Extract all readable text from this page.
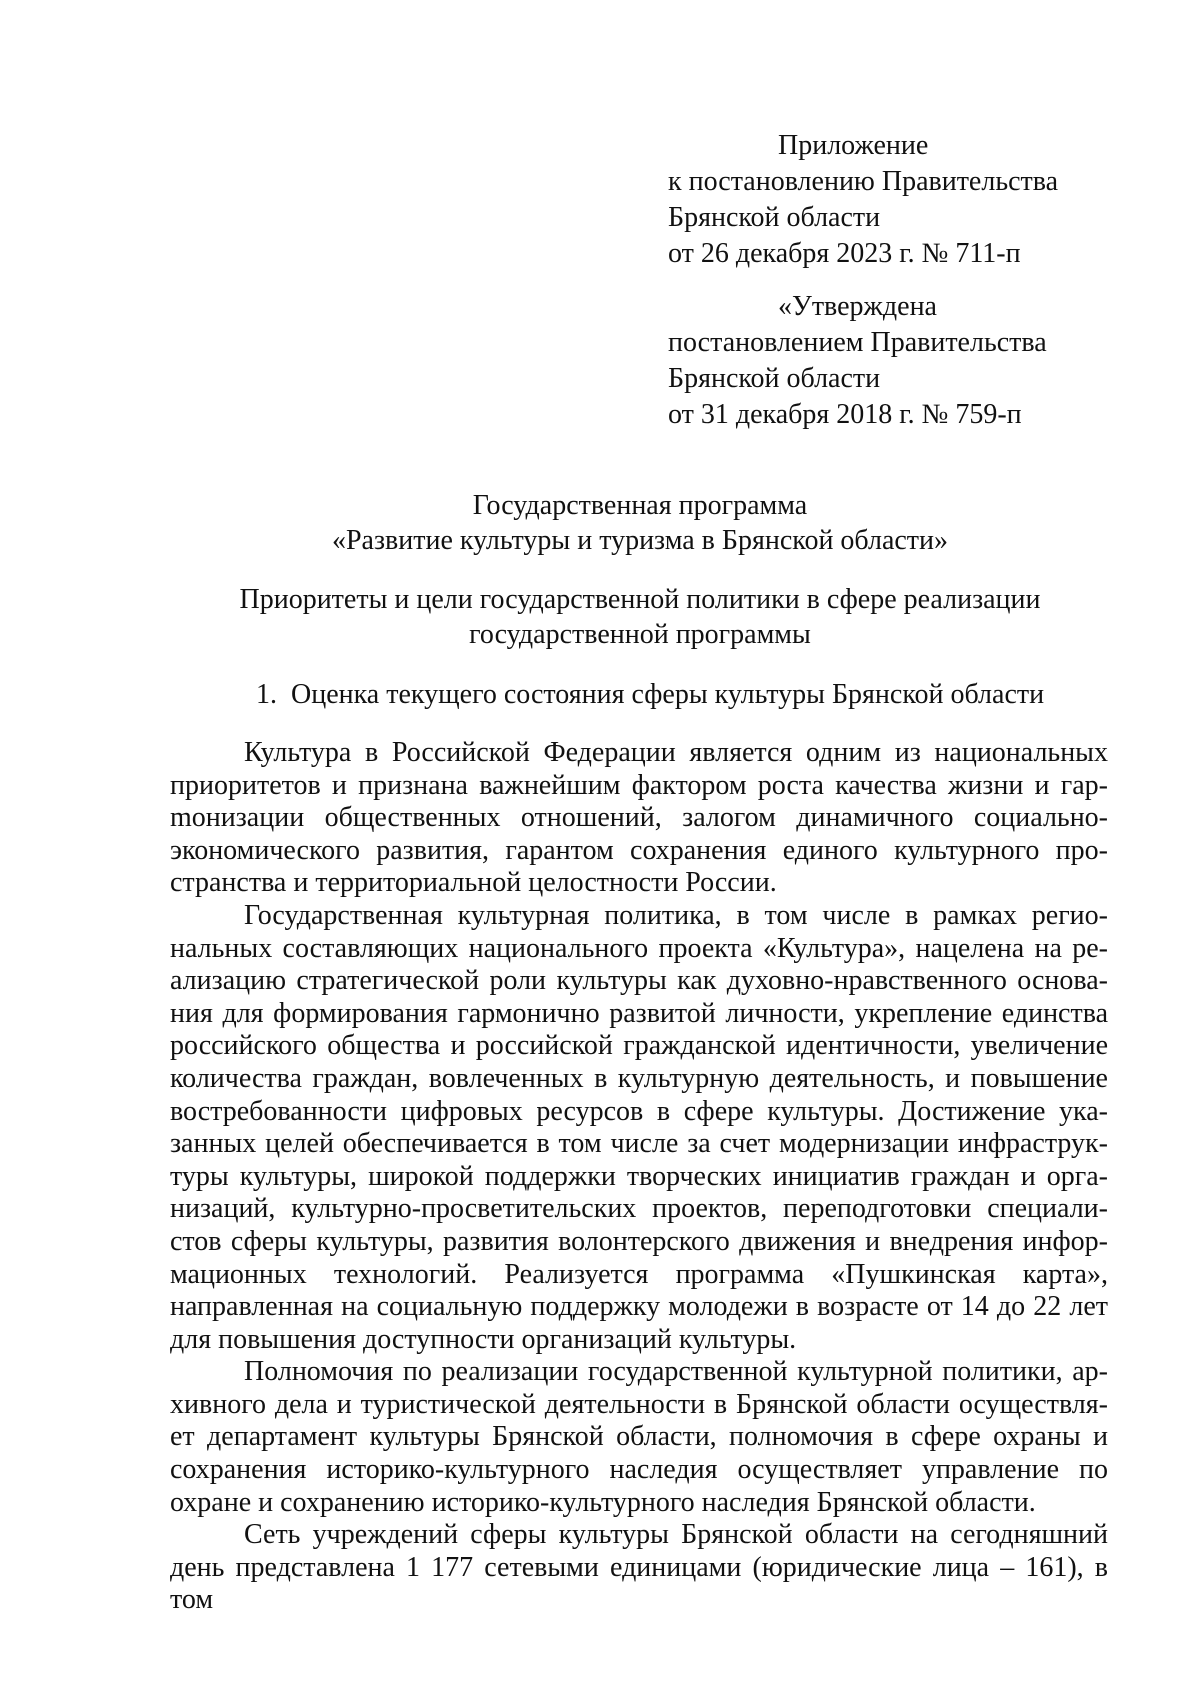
Приложение
к постановлению Правительства
Брянской области
от 26 декабря 2023 г. № 711-п
«Утверждена
постановлением Правительства
Брянской области
от 31 декабря 2018 г. № 759-п
Государственная программа
«Развитие культуры и туризма в Брянской области»
Приоритеты и цели государственной политики в сфере реализации
государственной программы
1.  Оценка текущего состояния сферы культуры Брянской области

Культура в Российской Федерации является одним из национальных приоритетов и признана важнейшим фактором роста качества жизни и гарmонизации общественных отношений, залогом динамичного социально-экономического развития, гарантом сохранения единого культурного пространства и территориальной целостности России.

Государственная культурная политика, в том числе в рамках региональных составляющих национального проекта «Культура», нацелена на реализацию стратегической роли культуры как духовно-нравственного основания для формирования гармонично развитой личности, укрепление единства российского общества и российской гражданской идентичности, увеличение количества граждан, вовлеченных в культурную деятельность, и повышение востребованности цифровых ресурсов в сфере культуры. Достижение указанных целей обеспечивается в том числе за счет модернизации инфраструктуры культуры, широкой поддержки творческих инициатив граждан и организаций, культурно-просветительских проектов, переподготовки специалистов сферы культуры, развития волонтерского движения и внедрения информационных технологий. Реализуется программа «Пушкинская карта», направленная на социальную поддержку молодежи в возрасте от 14 до 22 лет для повышения доступности организаций культуры.

Полномочия по реализации государственной культурной политики, архивного дела и туристической деятельности в Брянской области осуществляет департамент культуры Брянской области, полномочия в сфере охраны и сохранения историко-культурного наследия осуществляет управление по охране и сохранению историко-культурного наследия Брянской области.

Сеть учреждений сферы культуры Брянской области на сегодняшний день представлена 1 177 сетевыми единицами (юридические лица – 161), в том
